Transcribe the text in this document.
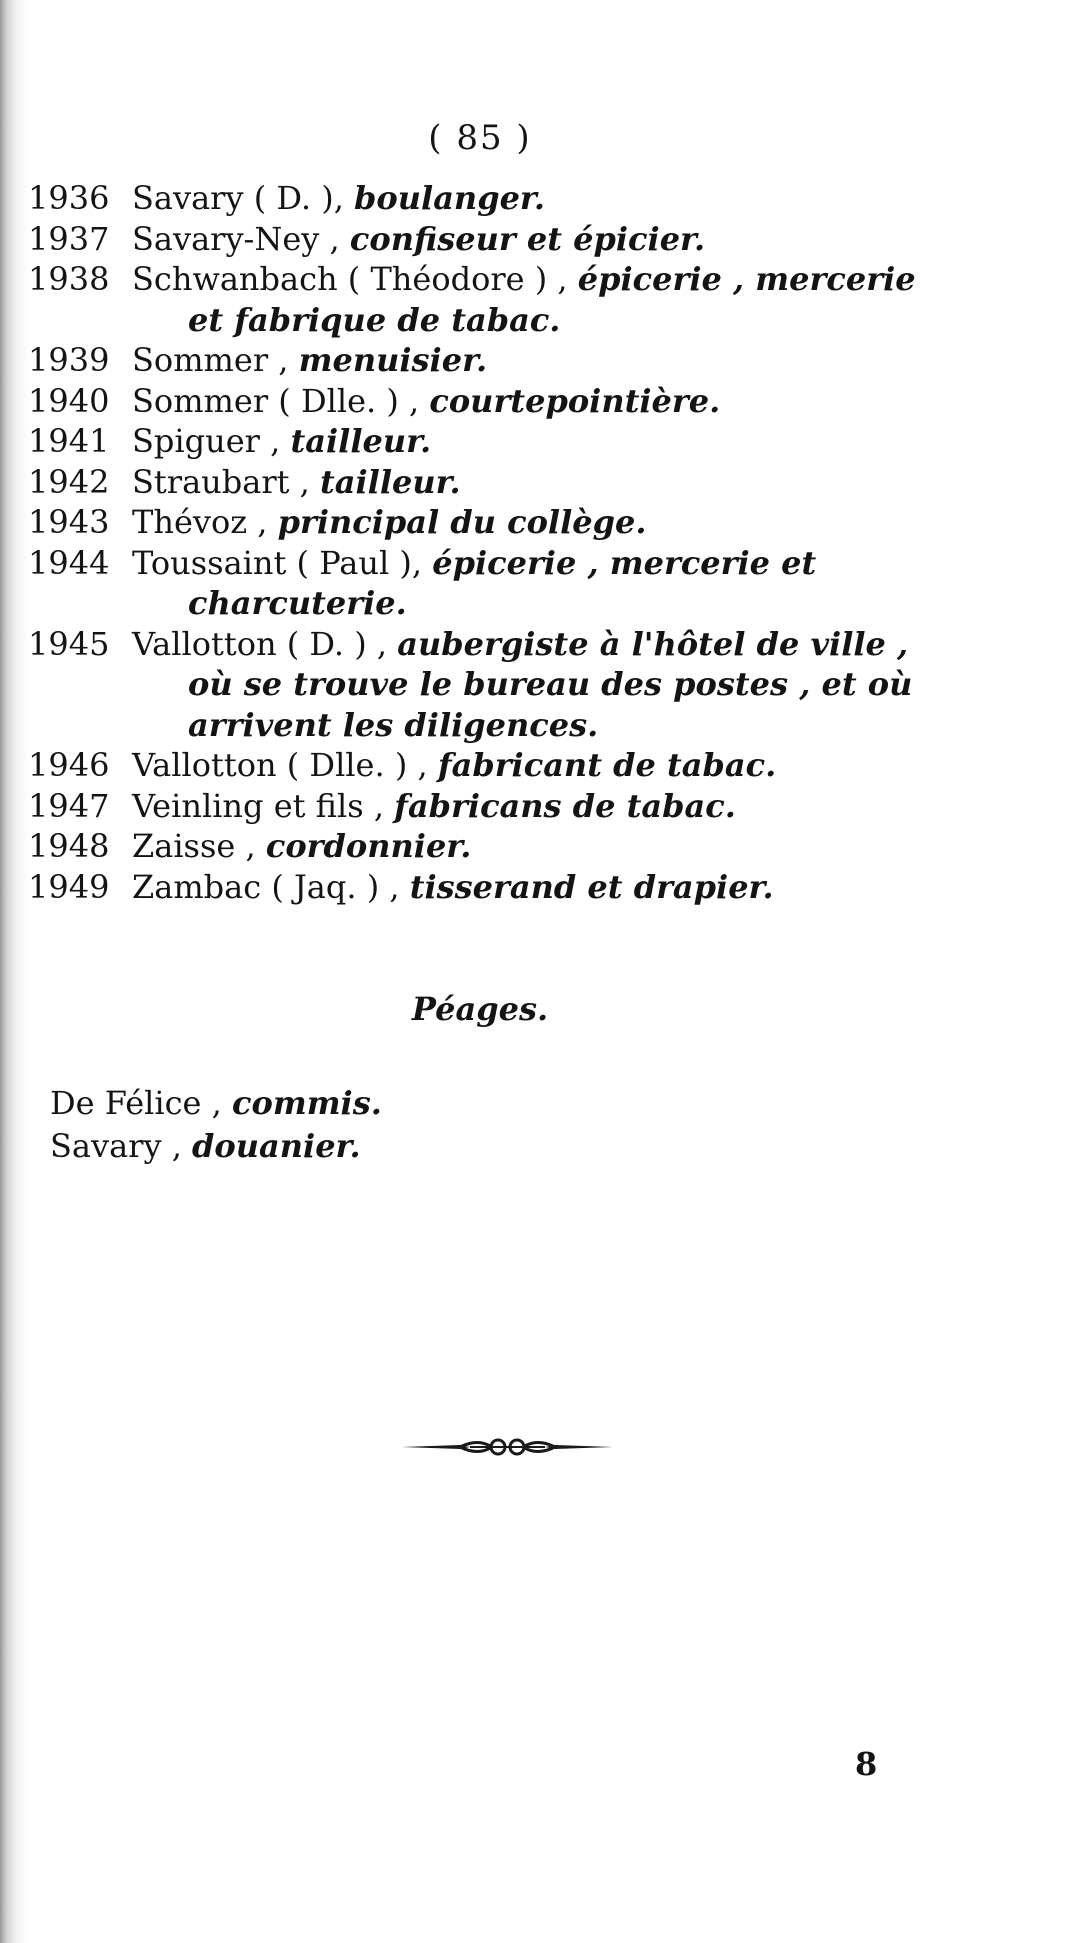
( 85 )
1936 Savary ( D. ), boulanger.
1937 Savary-Ney , confiseur et épicier.
1938 Schwanbach ( Théodore ) , épicerie , mercerie et fabrique de tabac.
1939 Sommer , menuisier.
1940 Sommer ( Dlle. ) , courtepointière.
1941 Spiguer , tailleur.
1942 Straubart , tailleur.
1943 Thévoz , principal du collège.
1944 Toussaint ( Paul ), épicerie , mercerie et charcuterie.
1945 Vallotton ( D. ) , aubergiste à l'hôtel de ville , où se trouve le bureau des postes , et où arrivent les diligences.
1946 Vallotton ( Dlle. ) , fabricant de tabac.
1947 Veinling et fils , fabricans de tabac.
1948 Zaisse , cordonnier.
1949 Zambac ( Jaq. ) , tisserand et drapier.
Péages.
De Félice , commis.
Savary , douanier.
8
